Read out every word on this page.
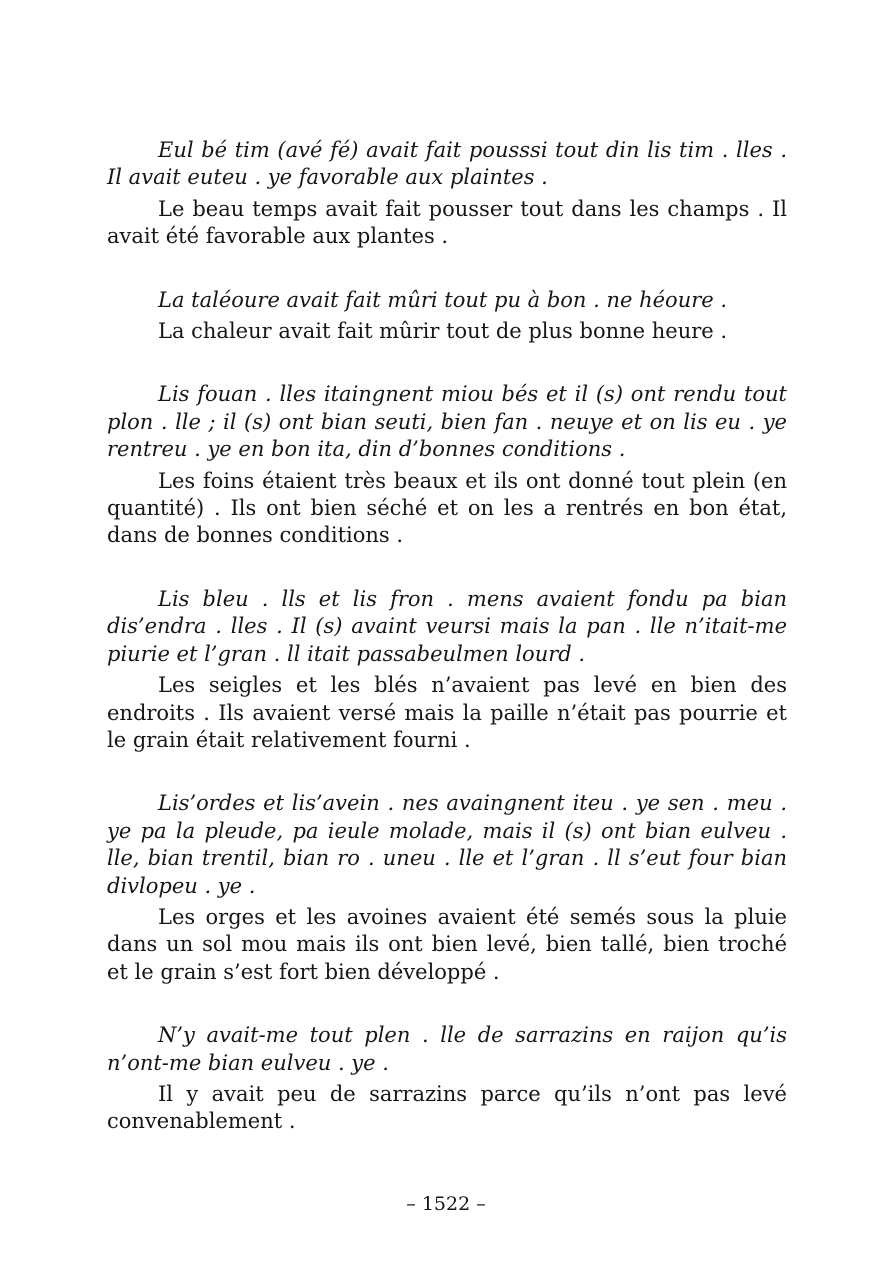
Eul bé tim (avé fé) avait fait pousssi tout din lis tim . lles . Il avait euteu . ye favorable aux plaintes .

Le beau temps avait fait pousser tout dans les champs . Il avait été favorable aux plantes .

La taléoure avait fait mûri tout pu à bon . ne héoure .

La chaleur avait fait mûrir tout de plus bonne heure .

Lis fouan . lles itaingnent miou bés et il (s) ont rendu tout plon . lle ; il (s) ont bian seuti, bien fan . neuye et on lis eu . ye rentreu . ye en bon ita, din d’bonnes conditions .

Les foins étaient très beaux et ils ont donné tout plein (en quantité) . Ils ont bien séché et on les a rentrés en bon état, dans de bonnes conditions .

Lis bleu . lls et lis fron . mens avaient fondu pa bian dis’endra . lles . Il (s) avaint veursi mais la pan . lle n’itait-me piurie et l’gran . ll itait passabeulmen lourd .

Les seigles et les blés n’avaient pas levé en bien des endroits . Ils avaient versé mais la paille n’était pas pourrie et le grain était relativement fourni .

Lis’ordes et lis’avein . nes avaingnent iteu . ye sen . meu . ye pa la pleude, pa ieule molade, mais il (s) ont bian eulveu . lle, bian trentil, bian ro . uneu . lle et l’gran . ll s’eut four bian divlopeu . ye .

Les orges et les avoines avaient été semés sous la pluie dans un sol mou mais ils ont bien levé, bien tallé, bien troché et le grain s’est fort bien développé .

N’y avait-me tout plen . lle de sarrazins en raijon qu’is n’ont-me bian eulveu . ye .

Il y avait peu de sarrazins parce qu’ils n’ont pas levé convenablement .

– 1522 –
